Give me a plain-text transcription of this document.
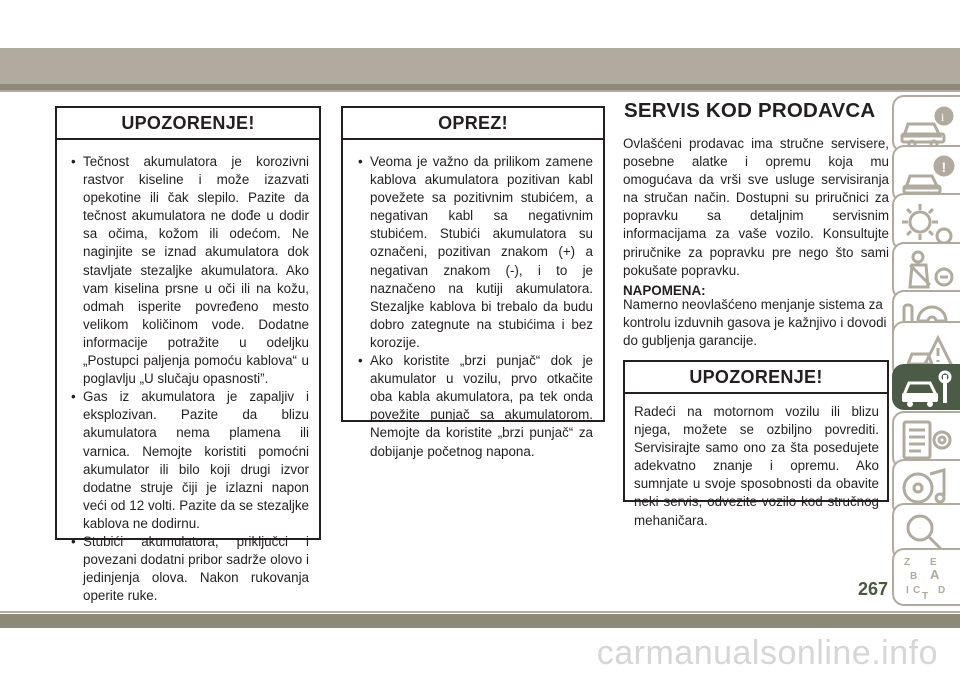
UPOZORENJE!
• Tečnost akumulatora je korozivni rastvor kiseline i može izazvati opekotine ili čak slepilo. Pazite da tečnost akumulatora ne dođe u dodir sa očima, kožom ili odećom. Ne naginjite se iznad akumulatora dok stavljate stezaljke akumulatora. Ako vam kiselina prsne u oči ili na kožu, odmah isperite povređeno mesto velikom količinom vode. Dodatne informacije potražite u odeljku „Postupci paljenja pomoću kablova“ u poglavlju „U slučaju opasnosti”.
• Gas iz akumulatora je zapaljiv i eksplozivan. Pazite da blizu akumulatora nema plamena ili varnica. Nemojte koristiti pomoćni akumulator ili bilo koji drugi izvor dodatne struje čiji je izlazni napon veći od 12 volti. Pazite da se stezaljke kablova ne dodirnu.
• Stubići akumulatora, priključci i povezani dodatni pribor sadrže olovo i jedinjenja olova. Nakon rukovanja operite ruke.
OPREZ!
• Veoma je važno da prilikom zamene kablova akumulatora pozitivan kabl povežete sa pozitivnim stubićem, a negativan kabl sa negativnim stubićem. Stubići akumulatora su označeni, pozitivan znakom (+) a negativan znakom (-), i to je naznačeno na kutiji akumulatora. Stezaljke kablova bi trebalo da budu dobro zategnute na stubićima i bez korozije.
• Ako koristite „brzi punjač“ dok je akumulator u vozilu, prvo otkačite oba kabla akumulatora, pa tek onda povežite punjač sa akumulatorom. Nemojte da koristite „brzi punjač“ za dobijanje početnog napona.
SERVIS KOD PRODAVCA
Ovlašćeni prodavac ima stručne servisere, posebne alatke i opremu koja mu omogućava da vrši sve usluge servisiranja na stručan način. Dostupni su priručnici za popravku sa detaljnim servisnim informacijama za vaše vozilo. Konsultujte priručnike za popravku pre nego što sami pokušate popravku.
NAPOMENA:
Namerno neovlašćeno menjanje sistema za kontrolu izduvnih gasova je kažnjivo i dovodi do gubljenja garancije.
UPOZORENJE!
Radeći na motornom vozilu ili blizu njega, možete se ozbiljno povrediti. Servisirajte samo ono za šta posedujete adekvatno znanje i opremu. Ako sumnjate u svoje sposobnosti da obavite neki servis, odvezite vozilo kod stručnog mehaničara.
i
!
Z E
B A
I C D
T
267
carmanualsonline.info
